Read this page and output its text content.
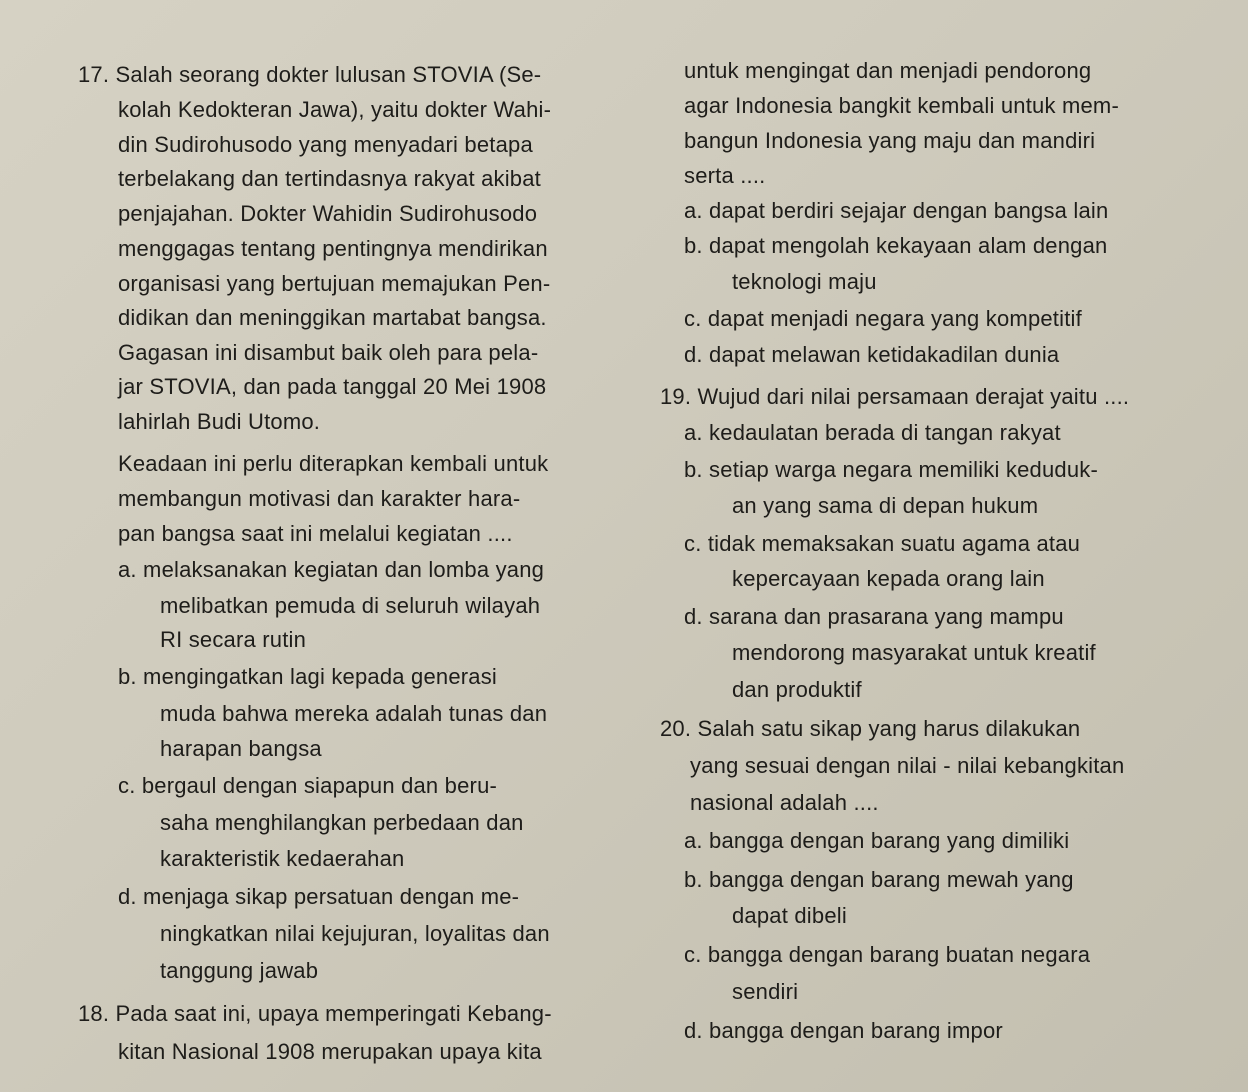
17. Salah seorang dokter lulusan STOVIA (Se-
kolah Kedokteran Jawa), yaitu dokter Wahi-
din Sudirohusodo yang menyadari betapa
terbelakang dan tertindasnya rakyat akibat
penjajahan. Dokter Wahidin Sudirohusodo
menggagas tentang pentingnya mendirikan
organisasi yang bertujuan memajukan Pen-
didikan dan meninggikan martabat bangsa.
Gagasan ini disambut baik oleh para pela-
jar STOVIA, dan pada tanggal 20 Mei 1908
lahirlah Budi Utomo.
Keadaan ini perlu diterapkan kembali untuk
membangun motivasi dan karakter hara-
pan bangsa saat ini melalui kegiatan ....
a. melaksanakan kegiatan dan lomba yang
melibatkan pemuda di seluruh wilayah
RI secara rutin
b. mengingatkan lagi kepada generasi
muda bahwa mereka adalah tunas dan
harapan bangsa
c. bergaul dengan siapapun dan beru-
saha menghilangkan perbedaan dan
karakteristik kedaerahan
d. menjaga sikap persatuan dengan me-
ningkatkan nilai kejujuran, loyalitas dan
tanggung jawab
18. Pada saat ini, upaya memperingati Kebang-
kitan Nasional 1908 merupakan upaya kita
untuk mengingat dan menjadi pendorong
agar Indonesia bangkit kembali untuk mem-
bangun Indonesia yang maju dan mandiri
serta ....
a. dapat berdiri sejajar dengan bangsa lain
b. dapat mengolah kekayaan alam dengan
teknologi maju
c. dapat menjadi negara yang kompetitif
d. dapat melawan ketidakadilan dunia
19. Wujud dari nilai persamaan derajat yaitu ....
a. kedaulatan berada di tangan rakyat
b. setiap warga negara memiliki keduduk-
an yang sama di depan hukum
c. tidak memaksakan suatu agama atau
kepercayaan kepada orang lain
d. sarana dan prasarana yang mampu
mendorong masyarakat untuk kreatif
dan produktif
20. Salah satu sikap yang harus dilakukan
yang sesuai dengan nilai - nilai kebangkitan
nasional adalah ....
a. bangga dengan barang yang dimiliki
b. bangga dengan barang mewah yang
dapat dibeli
c. bangga dengan barang buatan negara
sendiri
d. bangga dengan barang impor
